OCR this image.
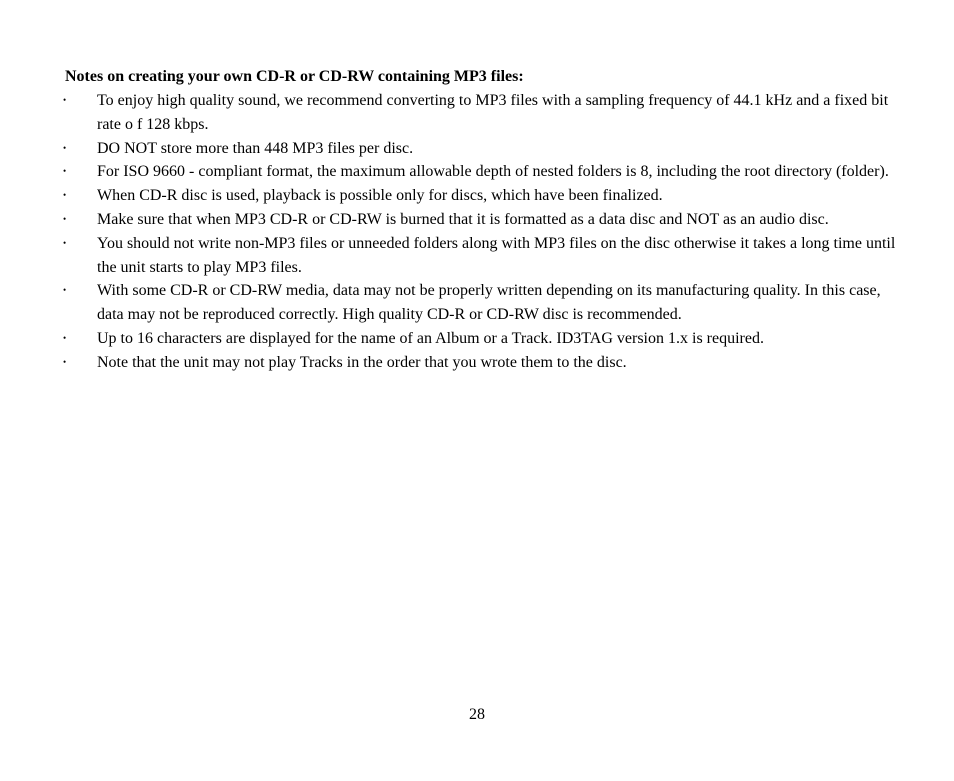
Notes on creating your own CD-R or CD-RW containing MP3 files:
• To enjoy high quality sound, we recommend converting to MP3 files with a sampling frequency of 44.1 kHz and a fixed bit rate o f 128 kbps.
• DO NOT store more than 448 MP3 files per disc.
• For ISO 9660 - compliant format, the maximum allowable depth of nested folders is 8, including the root directory (folder).
• When CD-R disc is used, playback is possible only for discs, which have been finalized.
• Make sure that when MP3 CD-R or CD-RW is burned that it is formatted as a data disc and NOT as an audio disc.
• You should not write non-MP3 files or unneeded folders along with MP3 files on the disc otherwise it takes a long time until the unit starts to play MP3 files.
• With some CD-R or CD-RW media, data may not be properly written depending on its manufacturing quality. In this case, data may not be reproduced correctly. High quality CD-R or CD-RW disc is recommended.
• Up to 16 characters are displayed for the name of an Album or a Track. ID3TAG version 1.x is required.
• Note that the unit may not play Tracks in the order that you wrote them to the disc.
28
